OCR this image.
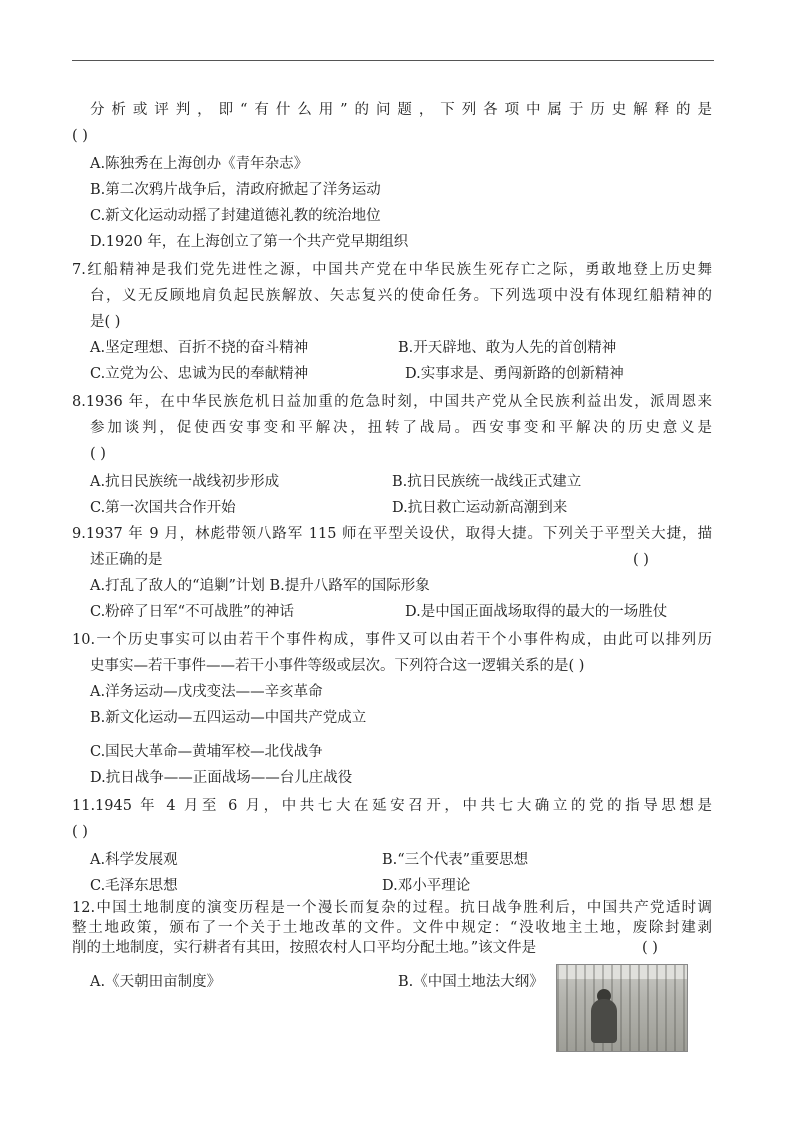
分析或评判，即“有什么用”的问题，下列各项中属于历史解释的是
( )
A.陈独秀在上海创办《青年杂志》
B.第二次鸦片战争后，清政府掀起了洋务运动
C.新文化运动动摇了封建道德礼教的统治地位
D.1920 年，在上海创立了第一个共产党早期组织
7.红船精神是我们党先进性之源，中国共产党在中华民族生死存亡之际，勇敢地登上历史舞
台，义无反顾地肩负起民族解放、矢志复兴的使命任务。下列选项中没有体现红船精神的
是( )
A.坚定理想、百折不挠的奋斗精神	B.开天辟地、敢为人先的首创精神
C.立党为公、忠诚为民的奉献精神	D.实事求是、勇闯新路的创新精神
8.1936 年，在中华民族危机日益加重的危急时刻，中国共产党从全民族利益出发，派周恩来
参加谈判，促使西安事变和平解决，扭转了战局。西安事变和平解决的历史意义是
( )
A.抗日民族统一战线初步形成	B.抗日民族统一战线正式建立
C.第一次国共合作开始	D.抗日救亡运动新高潮到来
9.1937 年 9 月，林彪带领八路军 115 师在平型关设伏，取得大捷。下列关于平型关大捷，描
述正确的是	( )
A.打乱了敌人的“追剿”计划 B.提升八路军的国际形象
C.粉碎了日军“不可战胜”的神话	D.是中国正面战场取得的最大的一场胜仗
10.一个历史事实可以由若干个事件构成，事件又可以由若干个小事件构成，由此可以排列历
史事实—若干事件——若干小事件等级或层次。下列符合这一逻辑关系的是( )
A.洋务运动—戊戌变法——辛亥革命
B.新文化运动—五四运动—中国共产党成立
C.国民大革命—黄埔军校—北伐战争
D.抗日战争——正面战场——台儿庄战役
11.1945 年 4 月至 6 月，中共七大在延安召开，中共七大确立的党的指导思想是
( )
A.科学发展观	B.“三个代表”重要思想
C.毛泽东思想	D.邓小平理论
12.中国土地制度的演变历程是一个漫长而复杂的过程。抗日战争胜利后，中国共产党适时调
整土地政策，颁布了一个关于土地改革的文件。文件中规定：“没收地主土地，废除封建剥
削的土地制度，实行耕者有其田，按照农村人口平均分配土地。”该文件是	( )
A.《天朝田亩制度》	B.《中国土地法大纲》
